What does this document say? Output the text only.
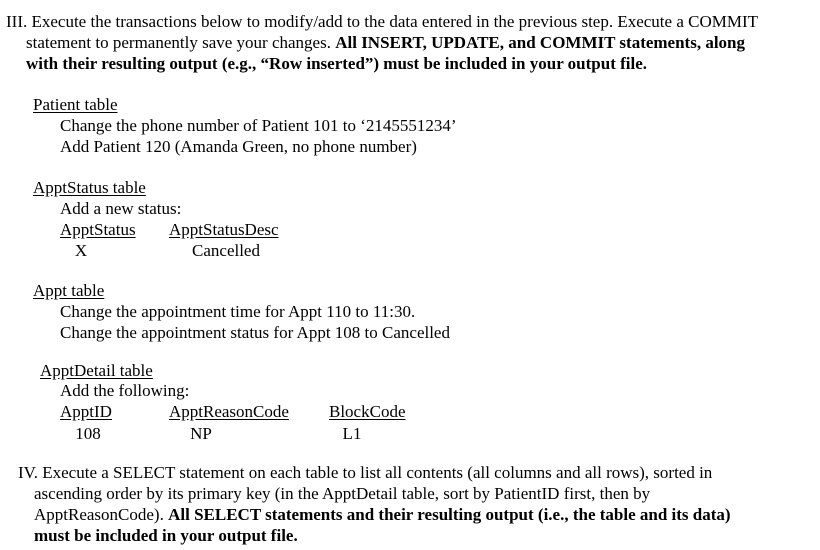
III. Execute the transactions below to modify/add to the data entered in the previous step. Execute a COMMIT
statement to permanently save your changes. All INSERT, UPDATE, and COMMIT statements, along
with their resulting output (e.g., “Row inserted”) must be included in your output file.
Patient table
Change the phone number of Patient 101 to ‘2145551234’
Add Patient 120 (Amanda Green, no phone number)
ApptStatus table
Add a new status:
ApptStatus ApptStatusDesc
X	Cancelled
Appt table
Change the appointment time for Appt 110 to 11:30.
Change the appointment status for Appt 108 to Cancelled
ApptDetail table
Add the following:
ApptID	ApptReasonCode BlockCode
108	NP	L1
IV. Execute a SELECT statement on each table to list all contents (all columns and all rows), sorted in
ascending order by its primary key (in the ApptDetail table, sort by PatientID first, then by
ApptReasonCode). All SELECT statements and their resulting output (i.e., the table and its data)
must be included in your output file.
